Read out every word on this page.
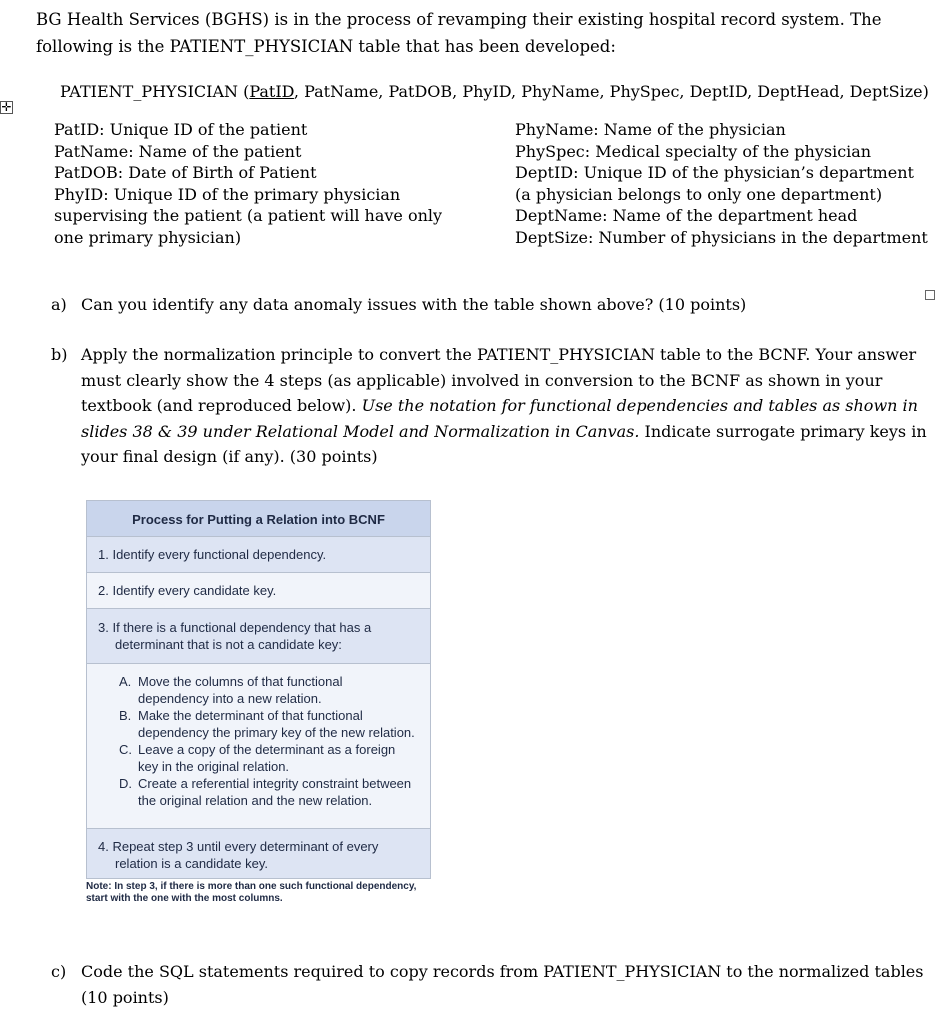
BG Health Services (BGHS) is in the process of revamping their existing hospital record system. The
following is the PATIENT_PHYSICIAN table that has been developed:
✛
PATIENT_PHYSICIAN (PatID, PatName, PatDOB, PhyID, PhyName, PhySpec, DeptID, DeptHead, DeptSize)
PatID: Unique ID of the patient
PatName: Name of the patient
PatDOB: Date of Birth of Patient
PhyID: Unique ID of the primary physician
supervising the patient (a patient will have only
one primary physician)
PhyName: Name of the physician
PhySpec: Medical specialty of the physician
DeptID: Unique ID of the physician’s department
(a physician belongs to only one department)
DeptName: Name of the department head
DeptSize: Number of physicians in the department
a) Can you identify any data anomaly issues with the table shown above? (10 points)
b) Apply the normalization principle to convert the PATIENT_PHYSICIAN table to the BCNF. Your answer
must clearly show the 4 steps (as applicable) involved in conversion to the BCNF as shown in your
textbook (and reproduced below). Use the notation for functional dependencies and tables as shown in
slides 38 & 39 under Relational Model and Normalization in Canvas. Indicate surrogate primary keys in
your final design (if any). (30 points)
Process for Putting a Relation into BCNF
1. Identify every functional dependency.
2. Identify every candidate key.
3. If there is a functional dependency that has a
determinant that is not a candidate key:
A. Move the columns of that functional
dependency into a new relation.
B. Make the determinant of that functional
dependency the primary key of the new relation.
C. Leave a copy of the determinant as a foreign
key in the original relation.
D. Create a referential integrity constraint between
the original relation and the new relation.
4. Repeat step 3 until every determinant of every
relation is a candidate key.
Note: In step 3, if there is more than one such functional dependency,
start with the one with the most columns.
c) Code the SQL statements required to copy records from PATIENT_PHYSICIAN to the normalized tables
(10 points)
